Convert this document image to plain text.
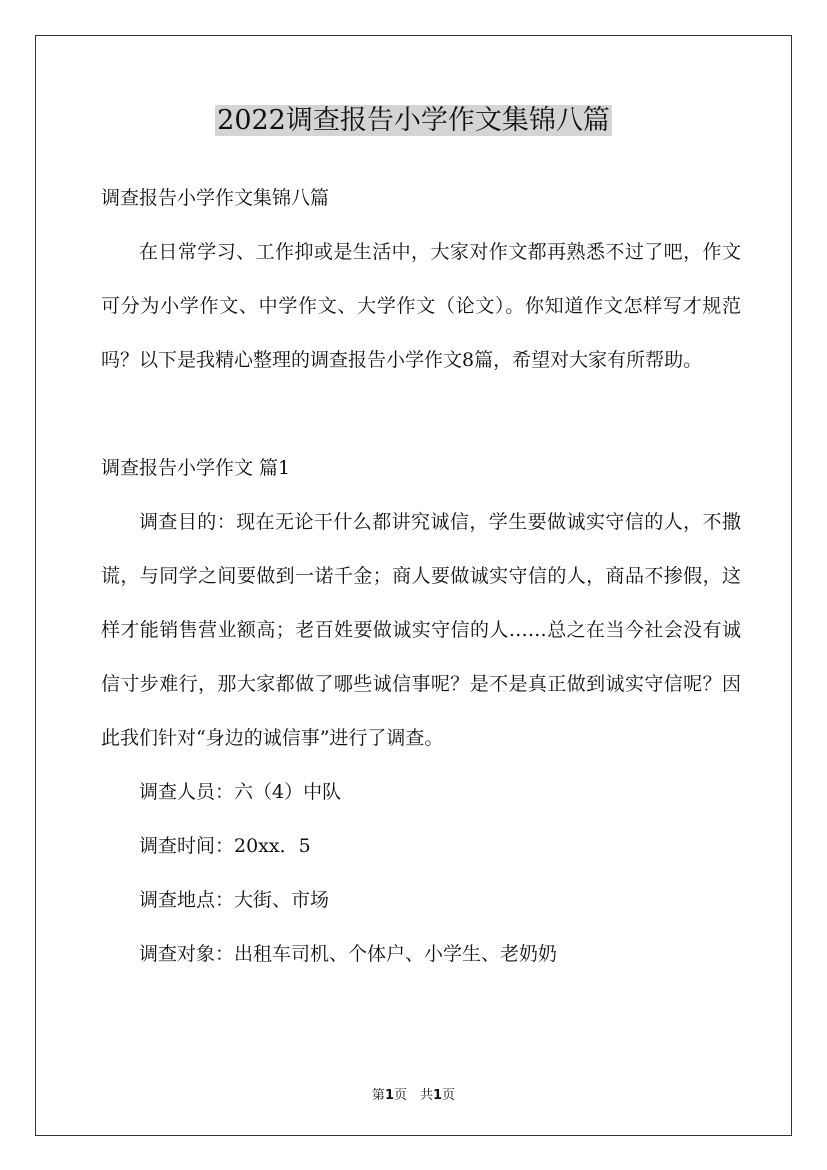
2022调查报告小学作文集锦八篇

调查报告小学作文集锦八篇

在日常学习、工作抑或是生活中，大家对作文都再熟悉不过了吧，作文可分为小学作文、中学作文、大学作文（论文）。你知道作文怎样写才规范吗？以下是我精心整理的调查报告小学作文8篇，希望对大家有所帮助。

调查报告小学作文 篇1

调查目的：现在无论干什么都讲究诚信，学生要做诚实守信的人，不撒谎，与同学之间要做到一诺千金；商人要做诚实守信的人，商品不掺假，这样才能销售营业额高；老百姓要做诚实守信的人……总之在当今社会没有诚信寸步难行，那大家都做了哪些诚信事呢？是不是真正做到诚实守信呢？因此我们针对“身边的诚信事”进行了调查。

调查人员：六（4）中队

调查时间：20xx．5

调查地点：大街、市场

调查对象：出租车司机、个体户、小学生、老奶奶

第1页　共1页
